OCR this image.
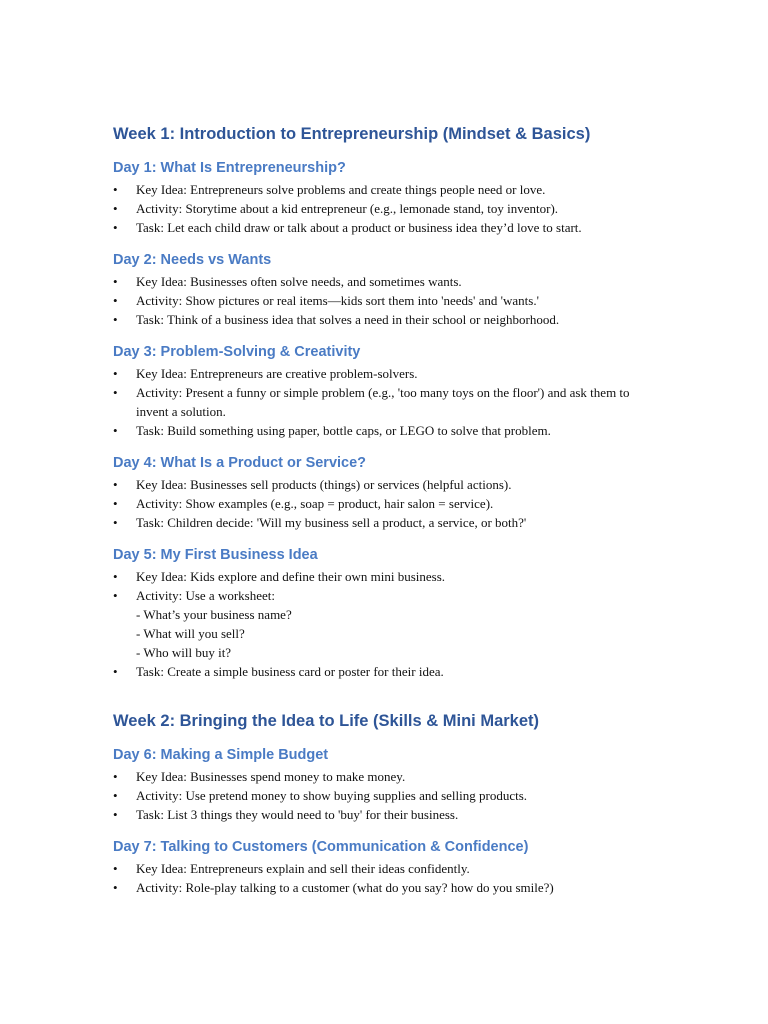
Week 1: Introduction to Entrepreneurship (Mindset & Basics)
Day 1: What Is Entrepreneurship?
• Key Idea: Entrepreneurs solve problems and create things people need or love.
• Activity: Storytime about a kid entrepreneur (e.g., lemonade stand, toy inventor).
• Task: Let each child draw or talk about a product or business idea they’d love to start.
Day 2: Needs vs Wants
• Key Idea: Businesses often solve needs, and sometimes wants.
• Activity: Show pictures or real items—kids sort them into 'needs' and 'wants.'
• Task: Think of a business idea that solves a need in their school or neighborhood.
Day 3: Problem-Solving & Creativity
• Key Idea: Entrepreneurs are creative problem-solvers.
• Activity: Present a funny or simple problem (e.g., 'too many toys on the floor') and ask them to invent a solution.
• Task: Build something using paper, bottle caps, or LEGO to solve that problem.
Day 4: What Is a Product or Service?
• Key Idea: Businesses sell products (things) or services (helpful actions).
• Activity: Show examples (e.g., soap = product, hair salon = service).
• Task: Children decide: 'Will my business sell a product, a service, or both?'
Day 5: My First Business Idea
• Key Idea: Kids explore and define their own mini business.
• Activity: Use a worksheet:
- What’s your business name?
- What will you sell?
- Who will buy it?
• Task: Create a simple business card or poster for their idea.
Week 2: Bringing the Idea to Life (Skills & Mini Market)
Day 6: Making a Simple Budget
• Key Idea: Businesses spend money to make money.
• Activity: Use pretend money to show buying supplies and selling products.
• Task: List 3 things they would need to 'buy' for their business.
Day 7: Talking to Customers (Communication & Confidence)
• Key Idea: Entrepreneurs explain and sell their ideas confidently.
• Activity: Role-play talking to a customer (what do you say? how do you smile?)
